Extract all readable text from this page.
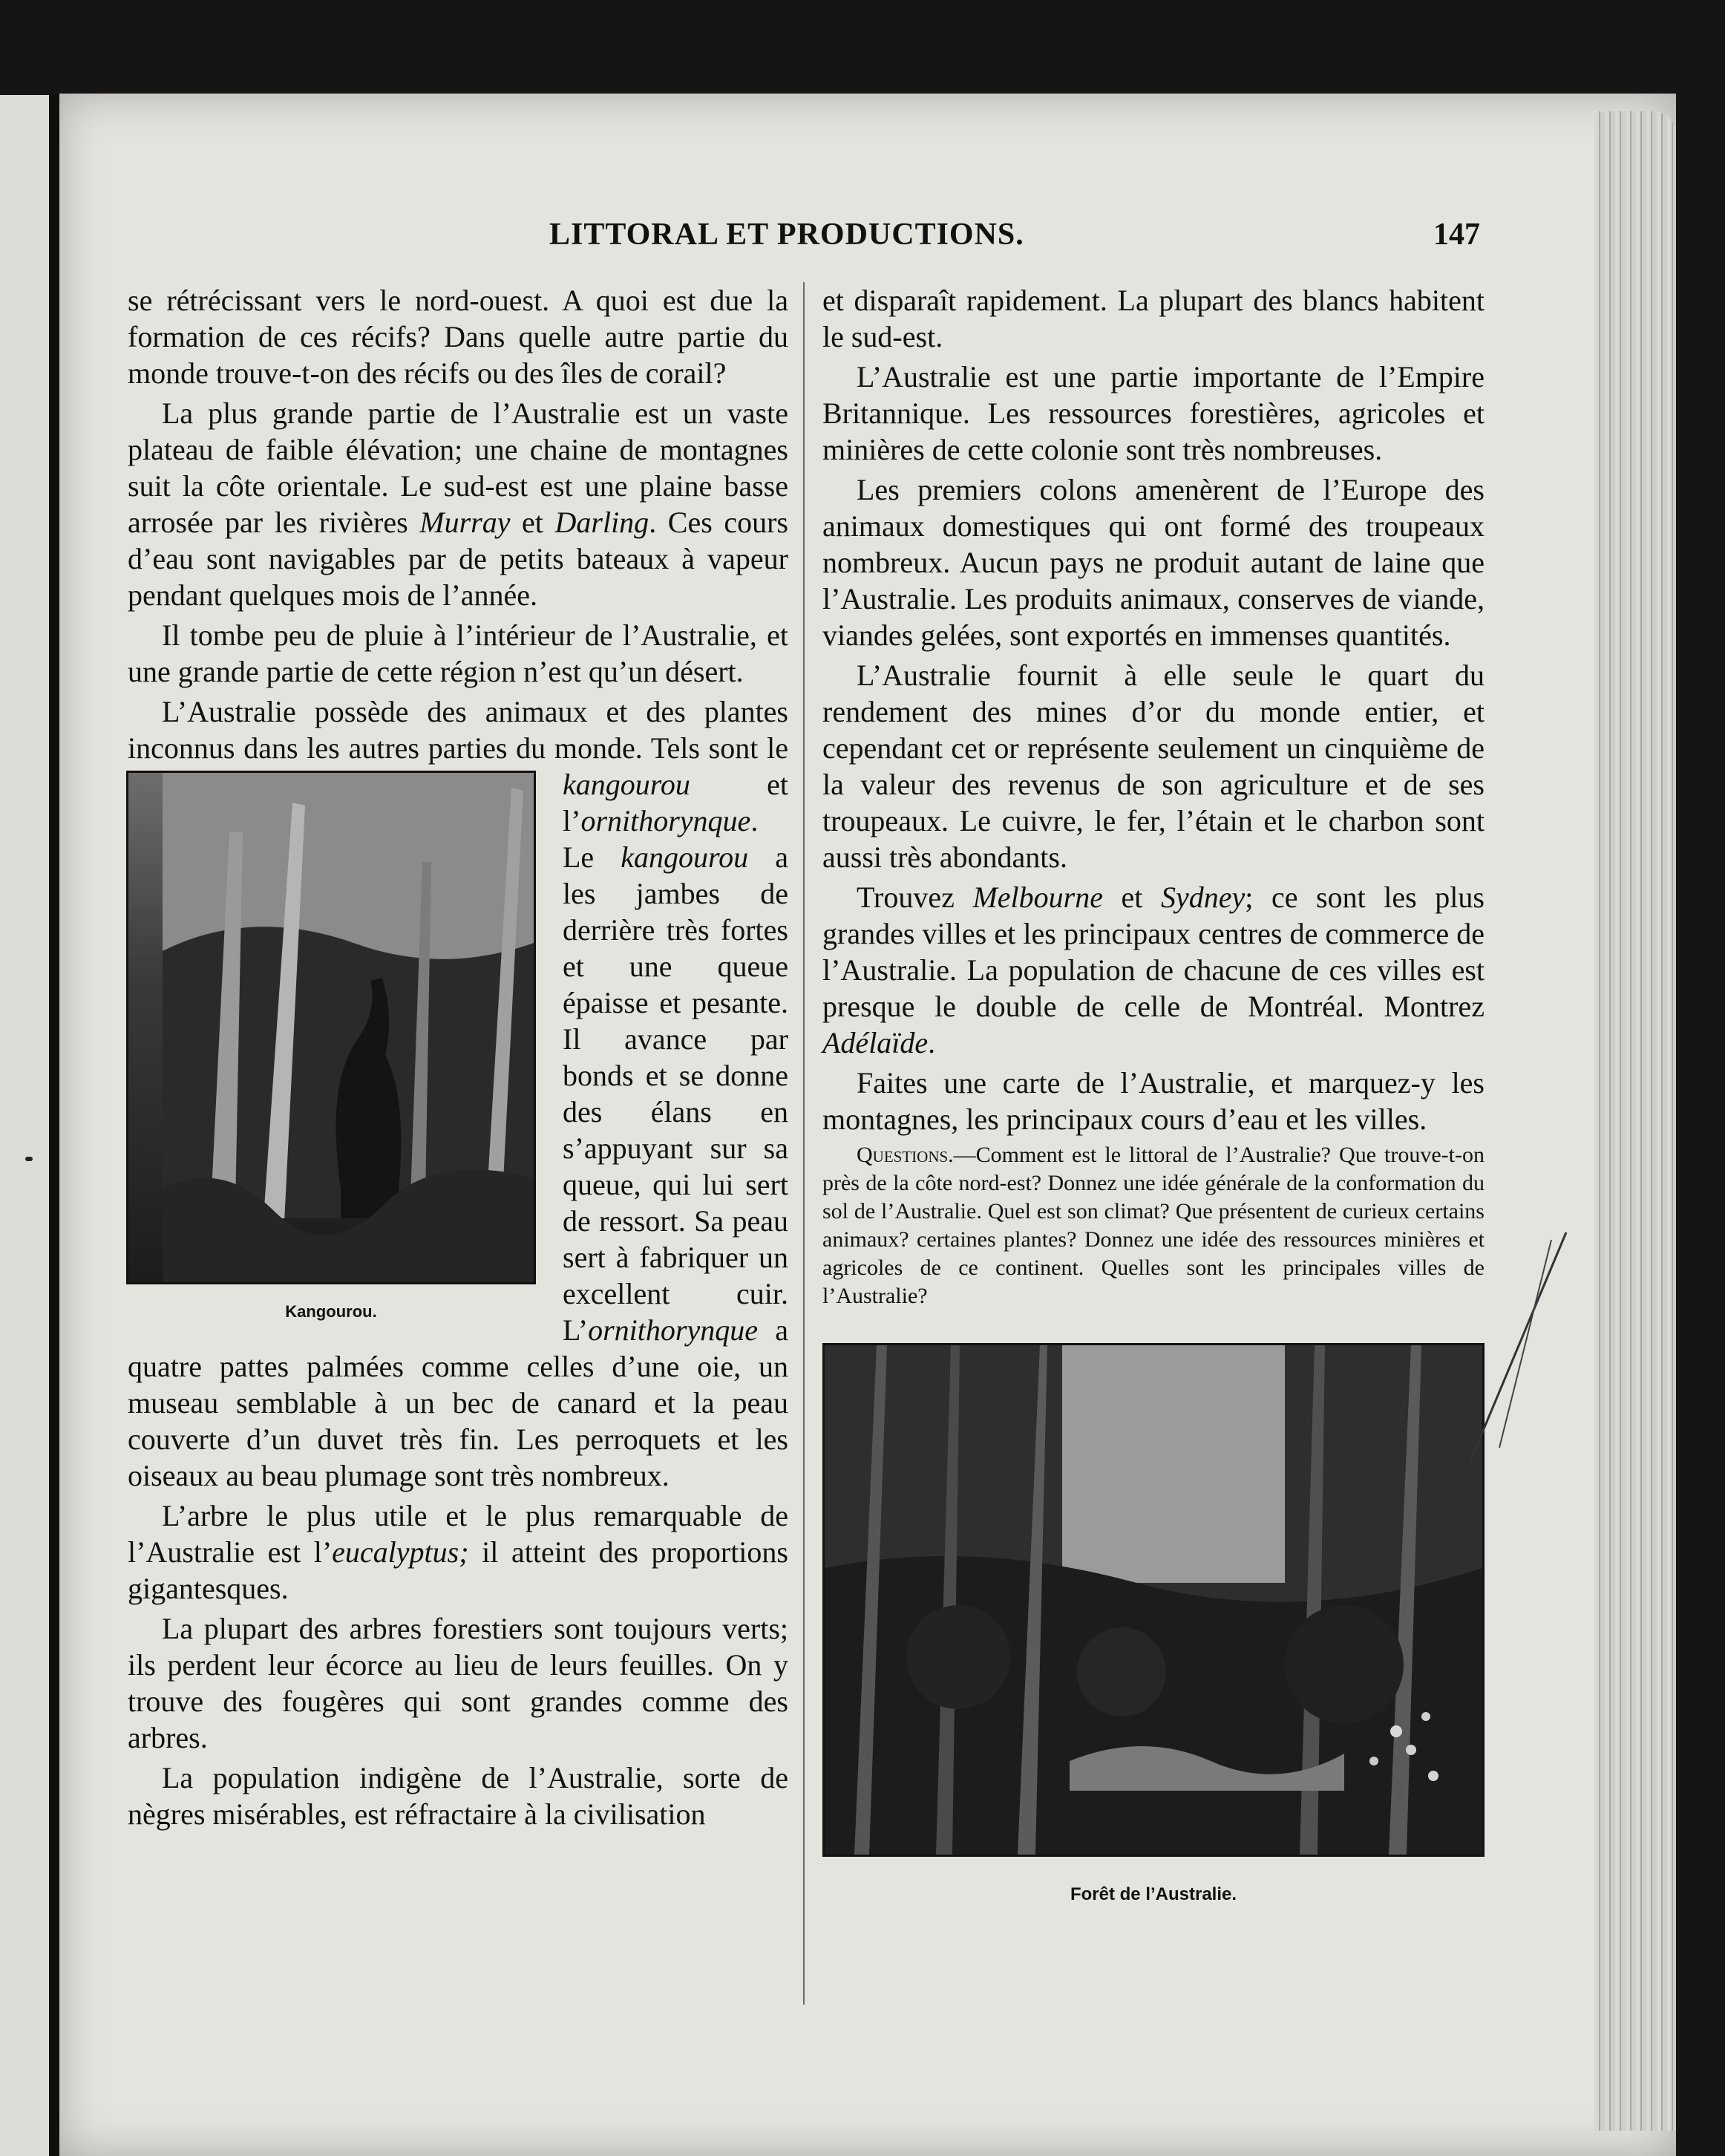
LITTORAL ET PRODUCTIONS.	147

se rétrécissant vers le nord-ouest. A quoi est due la formation de ces récifs? Dans quelle autre partie du monde trouve-t-on des récifs ou des îles de corail?

La plus grande partie de l’Australie est un vaste plateau de faible élévation; une chaine de montagnes suit la côte orientale. Le sud-est est une plaine basse arrosée par les rivières Murray et Darling. Ces cours d’eau sont navigables par de petits bateaux à vapeur pendant quelques mois de l’année.

Il tombe peu de pluie à l’intérieur de l’Australie, et une grande partie de cette région n’est qu’un désert.

L’Australie possède des animaux et des plantes inconnus dans les autres parties du monde. Tels sont le
Kangourou.
kangourou et l’ornithorynque. Le kangourou a les jambes de derrière très fortes et une queue épaisse et pesante. Il avance par bonds et se donne des élans en s’appuyant sur sa queue, qui lui sert de ressort. Sa peau sert à fabriquer un excellent cuir. L’ornithorynque a quatre pattes palmées comme celles d’une oie, un museau semblable à un bec de canard et la peau couverte d’un duvet très fin. Les perroquets et les oiseaux au beau plumage sont très nombreux.

L’arbre le plus utile et le plus remarquable de l’Australie est l’eucalyptus; il atteint des proportions gigantesques.

La plupart des arbres forestiers sont toujours verts; ils perdent leur écorce au lieu de leurs feuilles. On y trouve des fougères qui sont grandes comme des arbres.

La population indigène de l’Australie, sorte de nègres misérables, est réfractaire à la civilisation

et disparaît rapidement. La plupart des blancs habitent le sud-est.

L’Australie est une partie importante de l’Empire Britannique. Les ressources forestières, agricoles et minières de cette colonie sont très nombreuses.

Les premiers colons amenèrent de l’Europe des animaux domestiques qui ont formé des troupeaux nombreux. Aucun pays ne produit autant de laine que l’Australie. Les produits animaux, conserves de viande, viandes gelées, sont exportés en immenses quantités.

L’Australie fournit à elle seule le quart du rendement des mines d’or du monde entier, et cependant cet or représente seulement un cinquième de la valeur des revenus de son agriculture et de ses troupeaux. Le cuivre, le fer, l’étain et le charbon sont aussi très abondants.

Trouvez Melbourne et Sydney; ce sont les plus grandes villes et les principaux centres de commerce de l’Australie. La population de chacune de ces villes est presque le double de celle de Montréal. Montrez Adélaïde.

Faites une carte de l’Australie, et marquez-y les montagnes, les principaux cours d’eau et les villes.

Questions.—Comment est le littoral de l’Australie? Que trouve-t-on près de la côte nord-est? Donnez une idée générale de la conformation du sol de l’Australie. Quel est son climat? Que présentent de curieux certains animaux? certaines plantes? Donnez une idée des ressources minières et agricoles de ce continent. Quelles sont les principales villes de l’Australie?

Forêt de l’Australie.
